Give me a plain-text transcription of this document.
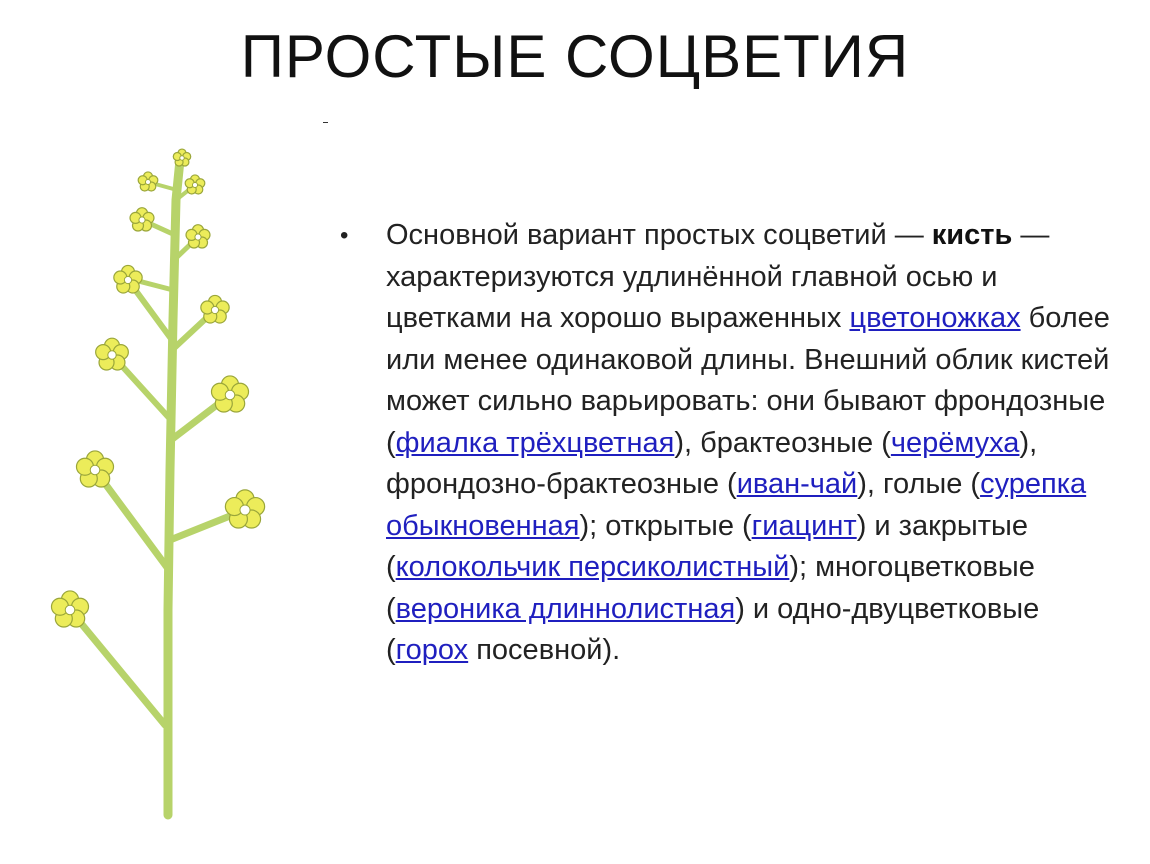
ПРОСТЫЕ СОЦВЕТИЯ
•	Основной вариант простых соцветий — кисть — характеризуются удлинённой главной осью и цветками на хорошо выраженных цветоножках более или менее одинаковой длины. Внешний облик кистей может сильно варьировать: они бывают фрондозные (фиалка трёхцветная), брактеозные (черёмуха), фрондозно-брактеозные (иван-чай), голые (сурепка обыкновенная); открытые (гиацинт) и закрытые (колокольчик персиколистный); многоцветковые (вероника длиннолистная) и одно-двуцветковые (горох посевной).
